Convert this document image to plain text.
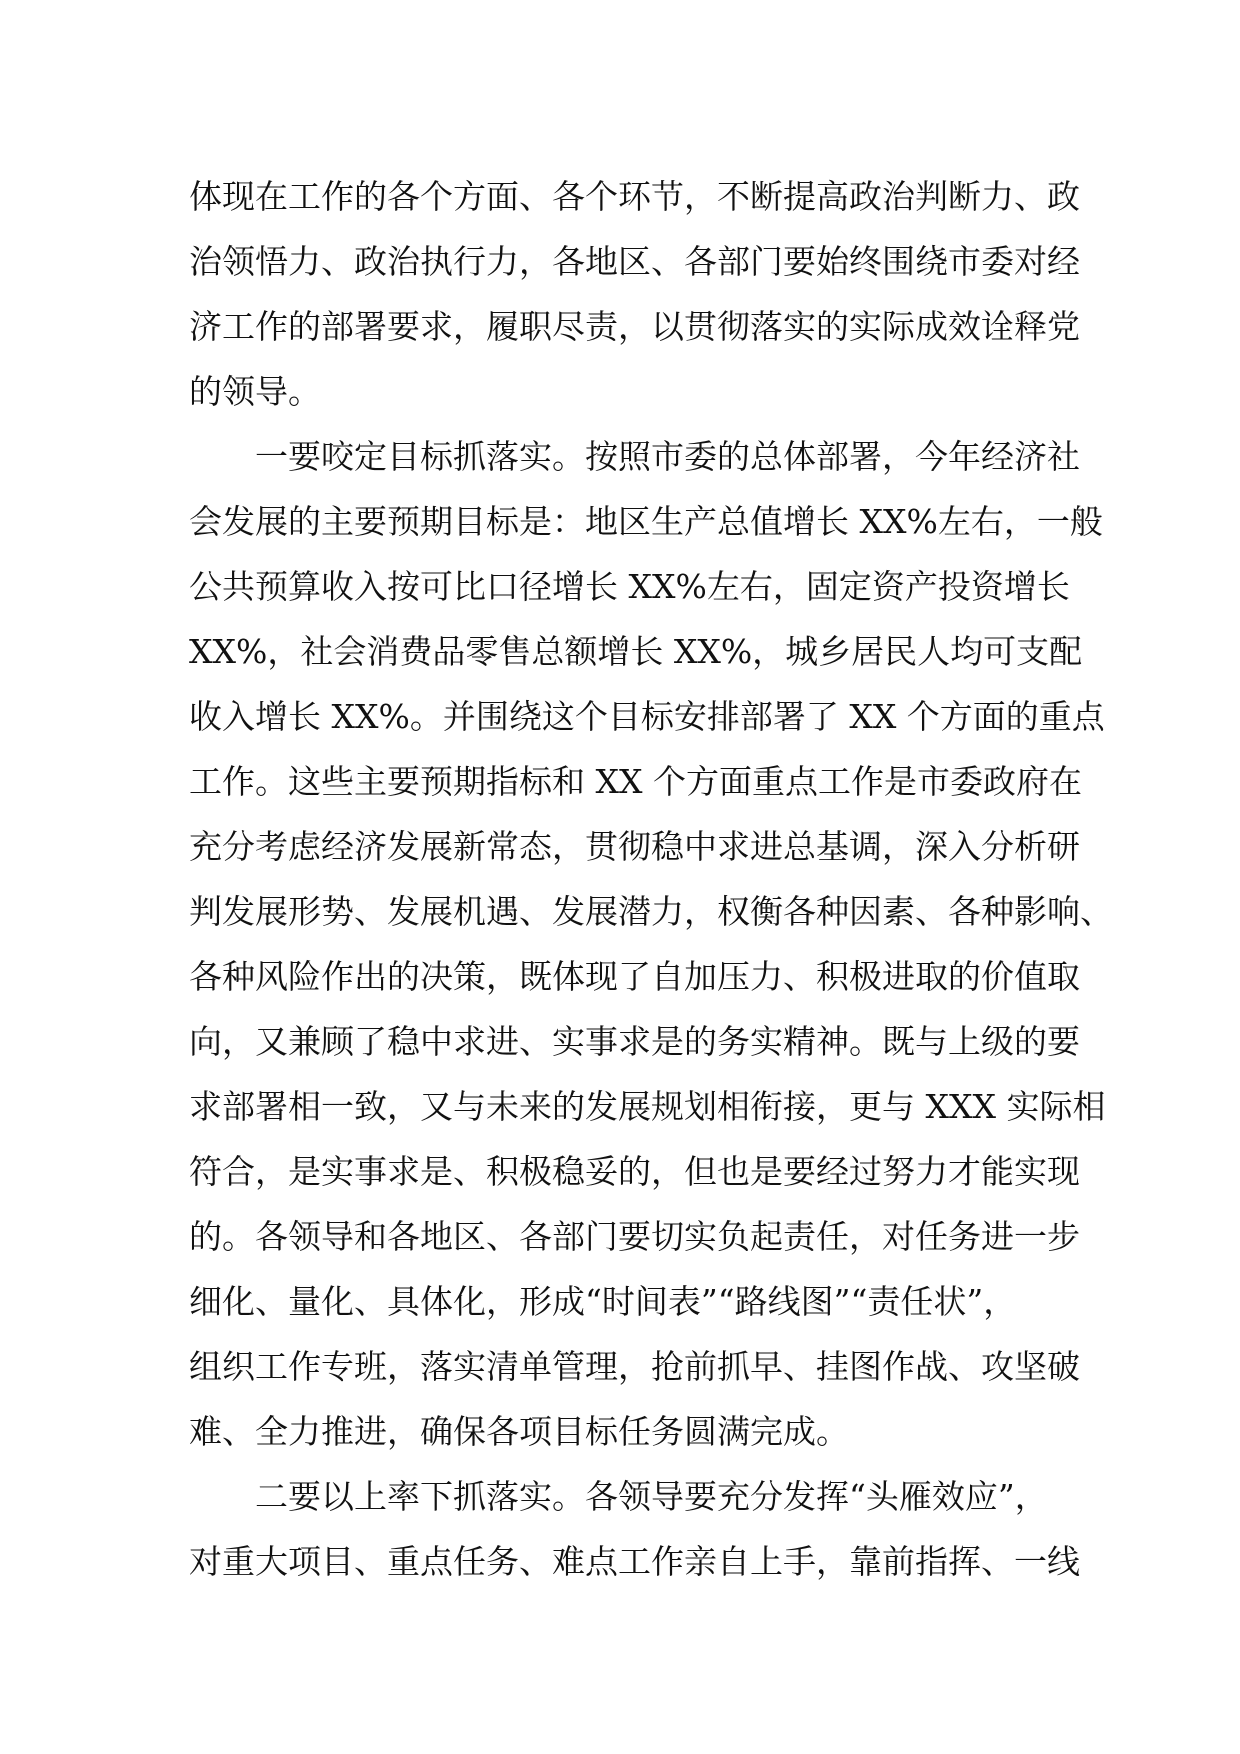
体现在工作的各个方面、各个环节，不断提高政治判断力、政
治领悟力、政治执行力，各地区、各部门要始终围绕市委对经
济工作的部署要求，履职尽责，以贯彻落实的实际成效诠释党
的领导。
一要咬定目标抓落实。按照市委的总体部署，今年经济社
会发展的主要预期目标是：地区生产总值增长 XX%左右，一般
公共预算收入按可比口径增长 XX%左右，固定资产投资增长
XX%，社会消费品零售总额增长 XX%，城乡居民人均可支配
收入增长 XX%。并围绕这个目标安排部署了 XX 个方面的重点
工作。这些主要预期指标和 XX 个方面重点工作是市委政府在
充分考虑经济发展新常态，贯彻稳中求进总基调，深入分析研
判发展形势、发展机遇、发展潜力，权衡各种因素、各种影响、
各种风险作出的决策，既体现了自加压力、积极进取的价值取
向，又兼顾了稳中求进、实事求是的务实精神。既与上级的要
求部署相一致，又与未来的发展规划相衔接，更与 XXX 实际相
符合，是实事求是、积极稳妥的，但也是要经过努力才能实现
的。各领导和各地区、各部门要切实负起责任，对任务进一步
细化、量化、具体化，形成“时间表”“路线图”“责任状”，
组织工作专班，落实清单管理，抢前抓早、挂图作战、攻坚破
难、全力推进，确保各项目标任务圆满完成。
二要以上率下抓落实。各领导要充分发挥“头雁效应”，
对重大项目、重点任务、难点工作亲自上手，靠前指挥、一线
